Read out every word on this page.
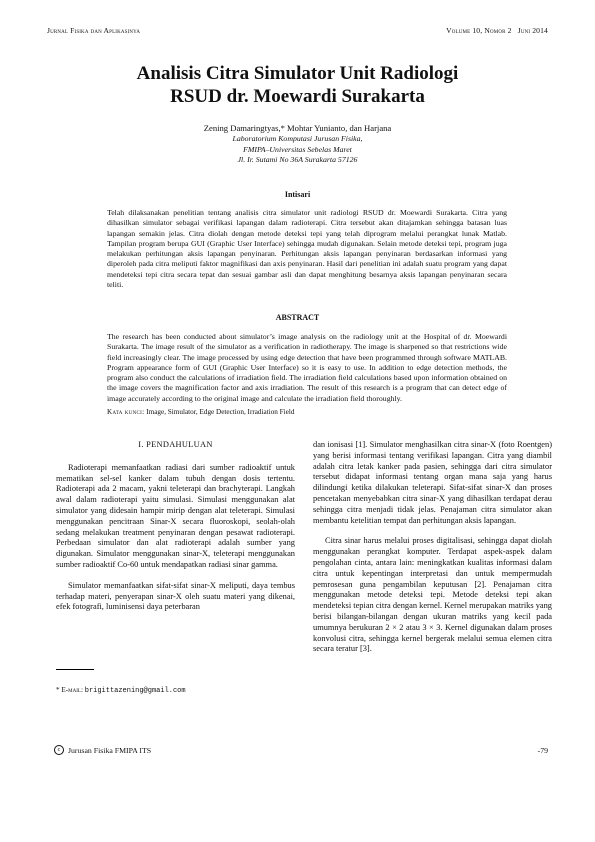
Jurnal Fisika dan Aplikasinya	Volume 10, Nomor 2 Juni 2014
Analisis Citra Simulator Unit Radiologi
RSUD dr. Moewardi Surakarta
Zening Damaringtyas,* Mohtar Yunianto, dan Harjana
Laboratorium Komputasi Jurusan Fisika,
FMIPA–Universitas Sebelas Maret
Jl. Ir. Sutami No 36A Surakarta 57126
Intisari
Telah dilaksanakan penelitian tentang analisis citra simulator unit radiologi RSUD dr. Moewardi Surakarta. Citra yang dihasilkan simulator sebagai verifikasi lapangan dalam radioterapi. Citra tersebut akan ditajamkan sehingga batasan luas lapangan semakin jelas. Citra diolah dengan metode deteksi tepi yang telah diprogram melalui perangkat lunak Matlab. Tampilan program berupa GUI (Graphic User Interface) sehingga mudah digunakan. Selain metode deteksi tepi, program juga melakukan perhitungan aksis lapangan penyinaran. Perhitungan aksis lapangan penyinaran berdasarkan informasi yang diperoleh pada citra meliputi faktor magnifikasi dan axis penyinaran. Hasil dari penelitian ini adalah suatu program yang dapat mendeteksi tepi citra secara tepat dan sesuai gambar asli dan dapat menghitung besarnya aksis lapangan penyinaran secara teliti.
ABSTRACT
The research has been conducted about simulator’s image analysis on the radiology unit at the Hospital of dr. Moewardi Surakarta. The image result of the simulator as a verification in radiotherapy. The image is sharpened so that restrictions wide field increasingly clear. The image processed by using edge detection that have been programmed through software MATLAB. Program appearance form of GUI (Graphic User Interface) so it is easy to use. In addition to edge detection methods, the program also conduct the calculations of irradiation field. The irradiation field calculations based upon information obtained on the image covers the magnification factor and axis irradiation. The result of this research is a program that can detect edge of image accurately according to the original image and calculate the irradiation field thoroughly.
Kata kunci: Image, Simulator, Edge Detection, Irradiation Field
I. PENDAHULUAN

Radioterapi memanfaatkan radiasi dari sumber radioaktif untuk mematikan sel-sel kanker dalam tubuh dengan dosis tertentu. Radioterapi ada 2 macam, yakni teleterapi dan brachyterapi. Langkah awal dalam radioterapi yaitu simulasi. Simulasi menggunakan alat simulator yang didesain hampir mirip dengan alat teleterapi. Simulasi menggunakan pencitraan Sinar-X secara fluoroskopi, seolah-olah sedang melakukan treatment penyinaran dengan pesawat radioterapi. Perbedaan simulator dan alat radioterapi adalah sumber yang digunakan. Simulator menggunakan sinar-X, teleterapi menggunakan sumber radioaktif Co-60 untuk mendapatkan radiasi sinar gamma.

Simulator memanfaatkan sifat-sifat sinar-X meliputi, daya tembus terhadap materi, penyerapan sinar-X oleh suatu materi yang dikenai, efek fotografi, luminisensi daya peterbaran

dan ionisasi [1]. Simulator menghasilkan citra sinar-X (foto Roentgen) yang berisi informasi tentang verifikasi lapangan. Citra yang diambil adalah citra letak kanker pada pasien, sehingga dari citra simulator tersebut didapat informasi tentang organ mana saja yang harus dilindungi ketika dilakukan teleterapi. Sifat-sifat sinar-X dan proses pencetakan menyebabkan citra sinar-X yang dihasilkan terdapat derau sehingga citra menjadi tidak jelas. Penajaman citra simulator akan membantu ketelitian tempat dan perhitungan aksis lapangan.

Citra sinar harus melalui proses digitalisasi, sehingga dapat diolah menggunakan perangkat komputer. Terdapat aspek-aspek dalam pengolahan cinta, antara lain: meningkatkan kualitas informasi dalam citra untuk kepentingan interpretasi dan untuk mempermudah pemrosesan guna pengambilan keputusan [2]. Penajaman citra menggunakan metode deteksi tepi. Metode deteksi tepi akan mendeteksi tepian citra dengan kernel. Kernel merupakan matriks yang berisi bilangan-bilangan dengan ukuran matriks yang kecil pada umumnya berukuran 2 × 2 atau 3 × 3. Kernel digunakan dalam proses konvolusi citra, sehingga kernel bergerak melalui semua elemen citra secara teratur [3].

* E-mail: brigittazening@gmail.com
c Jurusan Fisika FMIPA ITS	-79
